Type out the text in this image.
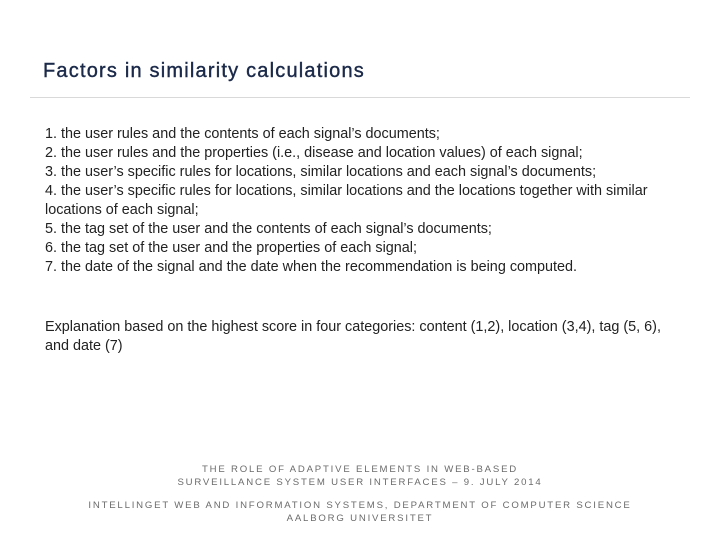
Factors in similarity calculations
1. the user rules and the contents of each signal’s documents;
2. the user rules and the properties (i.e., disease and location values) of each signal;
3. the user’s specific rules for locations, similar locations and each signal’s documents;
4. the user’s specific rules for locations, similar locations and the locations together with similar locations of each signal;
5. the tag set of the user and the contents of each signal’s documents;
6. the tag set of the user and the properties of each signal;
7. the date of the signal and the date when the recommendation is being computed.

Explanation based on the highest score in four categories: content (1,2), location (3,4), tag (5, 6), and date (7)

THE ROLE OF ADAPTIVE ELEMENTS IN WEB-BASED
SURVEILLANCE SYSTEM USER INTERFACES – 9. JULY 2014
INTELLINGET WEB AND INFORMATION SYSTEMS, DEPARTMENT OF COMPUTER SCIENCE
AALBORG UNIVERSITET
